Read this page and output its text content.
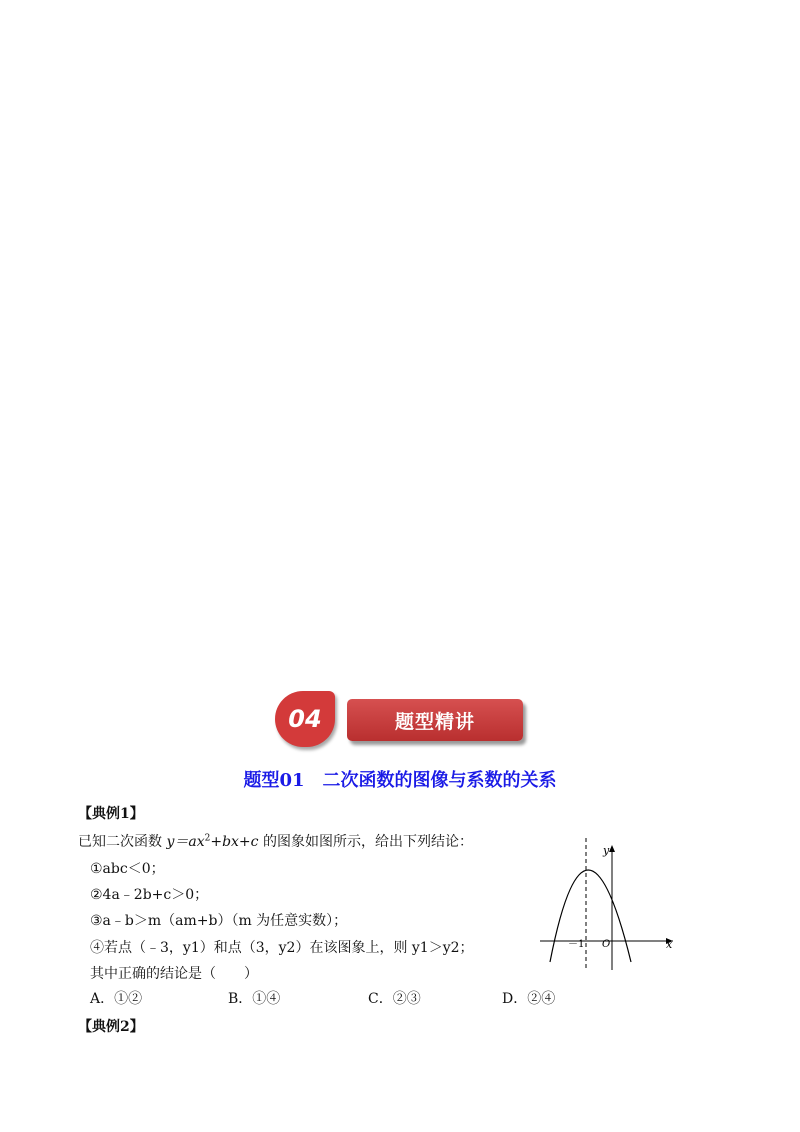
04	题型精讲
题型01　二次函数的图像与系数的关系
【典例1】
已知二次函数 $y=ax^2+bx+c$ 的图象如图所示，给出下列结论：
①abc＜0；
②4a﹣2b+c＞0；
③a﹣b＞m（am+b）（m 为任意实数）；
④若点（﹣3，y1）和点（3，y2）在该图象上，则 y1＞y2；
其中正确的结论是（　　）
A．①②	B．①④	C．②③	D．②④
【典例2】
y
x
O
－1
